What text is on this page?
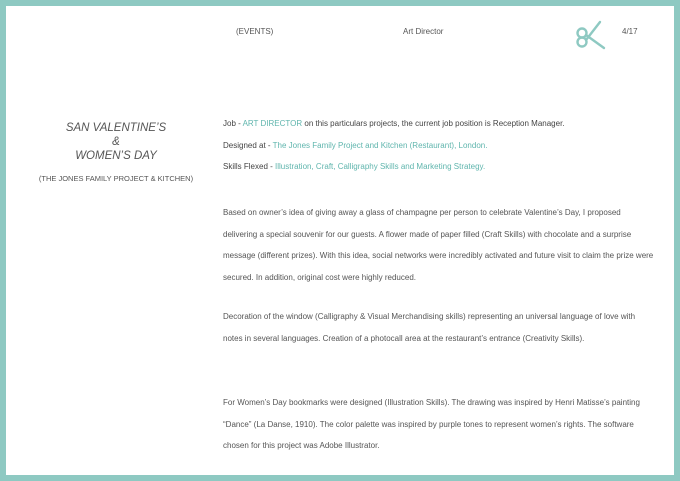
(EVENTS)	Art Director	4/17
SAN VALENTINE’S
&
WOMEN’S DAY
(THE JONES FAMILY PROJECT & KITCHEN)
Job - ART DIRECTOR on this particulars projects, the current job position is Reception Manager.
Designed at - The Jones Family Project and Kitchen (Restaurant), London.
Skills Flexed - Illustration, Craft, Calligraphy Skills and Marketing Strategy.

Based on owner’s idea of giving away a glass of champagne per person to celebrate Valentine’s Day, I proposed delivering a special souvenir for our guests. A flower made of paper filled (Craft Skills) with chocolate and a surprise message (different prizes). With this idea, social networks were incredibly activated and future visit to claim the prize were secured. In addition, original cost were highly reduced.

Decoration of the window (Calligraphy & Visual Merchandising skills) representing an universal language of love with notes in several languages. Creation of a photocall area at the restaurant’s entrance (Creativity Skills).

For Women’s Day bookmarks were designed (Illustration Skills). The drawing was inspired by Henri Matisse’s painting “Dance” (La Danse, 1910). The color palette was inspired by purple tones to represent women’s rights. The software chosen for this project was Adobe Illustrator.
